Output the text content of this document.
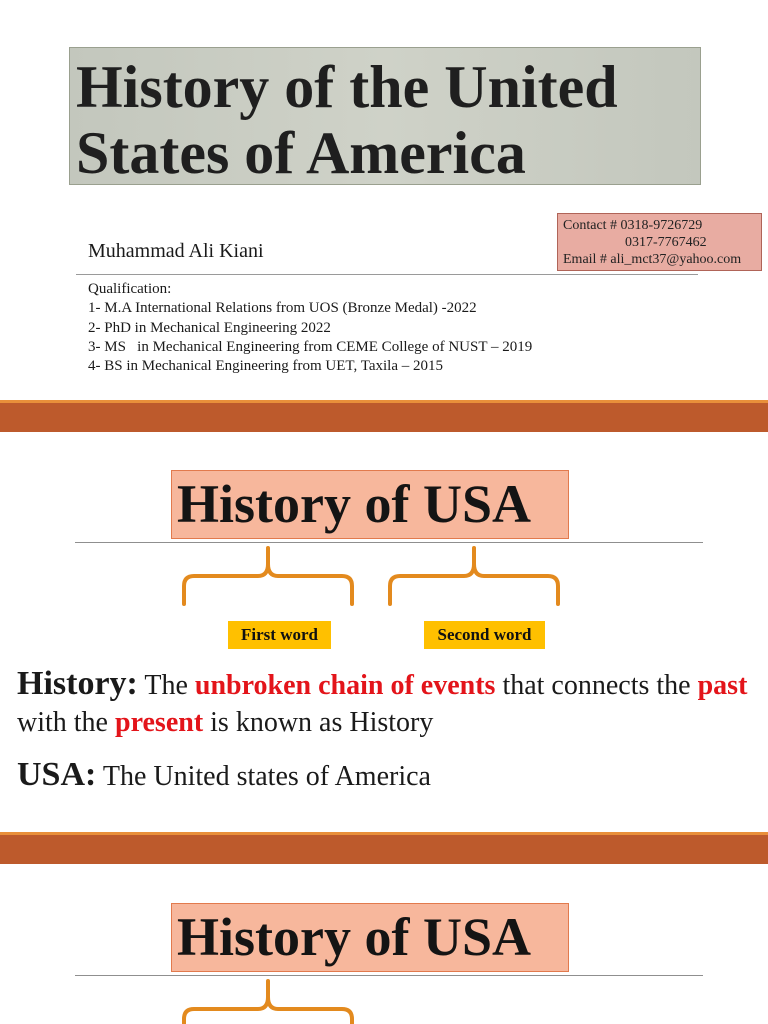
History of the United States of America
Contact # 0318-9726729
0317-7767462
Email # ali_mct37@yahoo.com
Muhammad Ali Kiani
Qualification:
1- M.A International Relations from UOS (Bronze Medal) -2022
2- PhD in Mechanical Engineering 2022
3- MS   in Mechanical Engineering from CEME College of NUST – 2019
4- BS in Mechanical Engineering from UET, Taxila – 2015
History of USA
First word	Second word
History: The unbroken chain of events that connects the past with the present is known as History
USA: The United states of America
History of USA
